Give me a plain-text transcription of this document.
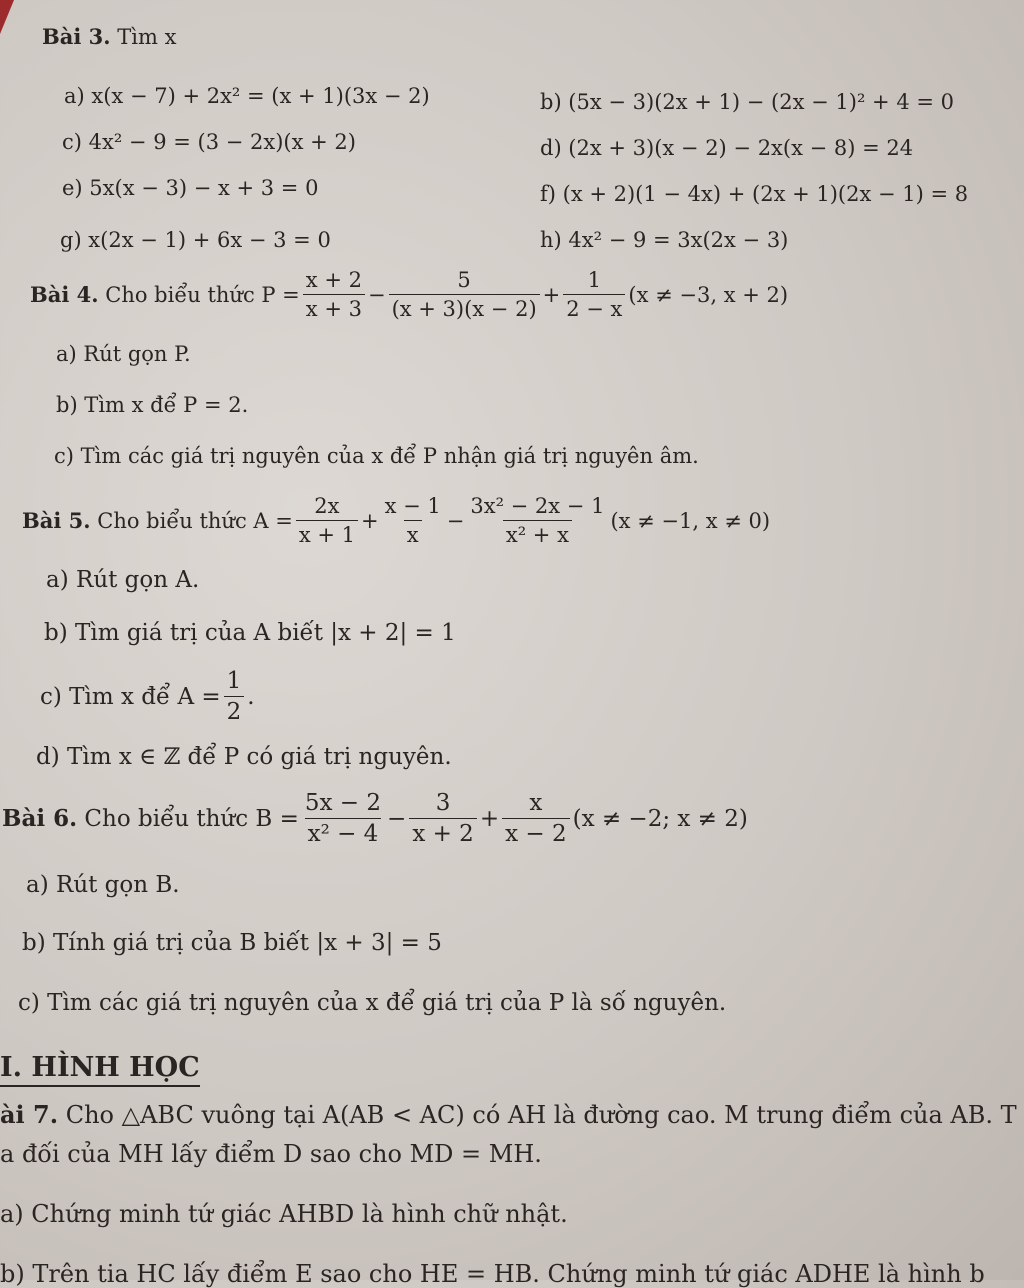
Bài 3. Tìm x
a) x(x − 7) + 2x² = (x + 1)(3x − 2)	b) (5x − 3)(2x + 1) − (2x − 1)² + 4 = 0
c) 4x² − 9 = (3 − 2x)(x + 2)	d) (2x + 3)(x − 2) − 2x(x − 8) = 24
e) 5x(x − 3) − x + 3 = 0	f) (x + 2)(1 − 4x) + (2x + 1)(2x − 1) = 8
g) x(2x − 1) + 6x − 3 = 0	h) 4x² − 9 = 3x(2x − 3)
Bài 4.
Cho biểu thức $P = \frac{x + 2}{x + 3} - \frac{5}{(x + 3)(x - 2)} + \frac{1}{2 - x} (x \ne -3$, x + 2)
a) Rút gọn P.
b) Tìm x để P = 2.
c) Tìm các giá trị nguyên của x để P nhận giá trị nguyên âm.
Bài 5.
Cho biểu thức $A = \frac{2x}{x + 1} + \frac{x - 1}{x} - \frac{\text{3x² − 2x − 1}}{\text{x² + x}} (x \ne -1$, x ≠ 0)
a) Rút gọn A.
b) Tìm giá trị của A biết |x + 2| = 1
c) Tìm x để $A = \frac{1}{2}$ .
d) Tìm x ∈ ℤ để P có giá trị nguyên.
Bài 6.
Cho biểu thức $B = \frac{5x - 2}{\text{x² − 4}} - \frac{3}{x + 2} + \frac{x}{x - 2} (x \ne -2$; x ≠ 2)
a) Rút gọn B.
b) Tính giá trị của B biết |x + 3| = 5
c) Tìm các giá trị nguyên của x để giá trị của P là số nguyên.
I. HÌNH HỌC
ài 7. Cho △ABC vuông tại A(AB < AC) có AH là đường cao. M trung điểm của AB. T
a đối của MH lấy điểm D sao cho MD = MH.
a) Chứng minh tứ giác AHBD là hình chữ nhật.
b) Trên tia HC lấy điểm E sao cho HE = HB. Chứng minh tứ giác ADHE là hình b
